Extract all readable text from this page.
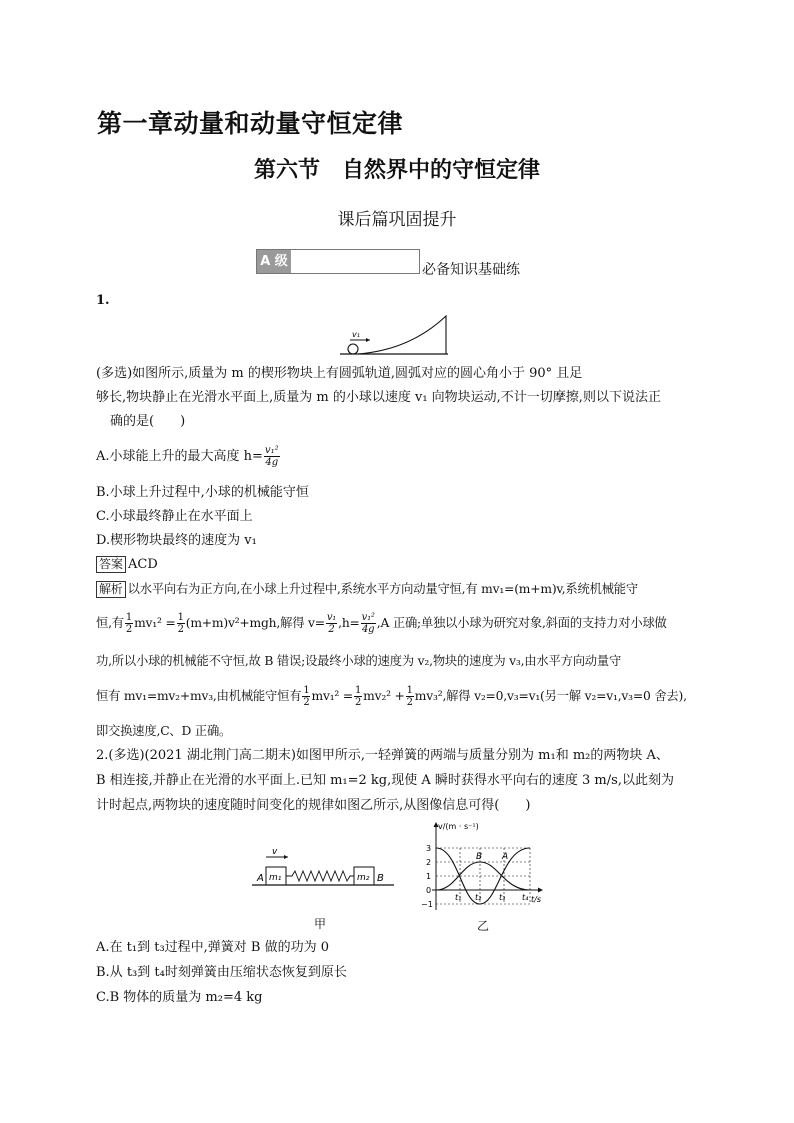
第一章动量和动量守恒定律
第六节　自然界中的守恒定律
课后篇巩固提升
A 级
必备知识基础练
1.
v₁
(多选)如图所示,质量为 m 的楔形物块上有圆弧轨道,圆弧对应的圆心角小于 90° 且足
够长,物块静止在光滑水平面上,质量为 m 的小球以速度 v₁ 向物块运动,不计一切摩擦,则以下说法正
确的是(　　)
A.小球能上升的最大高度 $h= \frac{\text{v₁²}}{4g}$
B.小球上升过程中,小球的机械能守恒
C.小球最终静止在水平面上
D.楔形物块最终的速度为 v₁
答案 ACD
解析 以水平向右为正方向,在小球上升过程中,系统水平方向动量守恒,有 mv₁=(m+m)v,系统机械能守
恒,有 $\frac{1}{2} mv_1^2 = \frac{1}{2} (m+m)v^2+mgh$,解得 $v= \frac{\text{v₁}}{2} ,h= \frac{\text{v₁²}}{4g} ,A$ 正确;单独以小球为研究对象,斜面的支持力对小球做
功,所以小球的机械能不守恒,故 B 错误;设最终小球的速度为 v₂,物块的速度为 v₃,由水平方向动量守
恒有 mv₁=mv₂+mv₃,由机械能守恒有 $\frac{1}{2} mv_1^2 = \frac{1}{2} mv_2^2 + \frac{1}{2} mv_3^2$,解得 v₂=0,v₃=v₁(另一解 v₂=v₁,v₃=0 舍去),
即交换速度,C、D 正确。
2.(多选)(2021 湖北荆门高二期末)如图甲所示,一轻弹簧的两端与质量分别为 m₁和 m₂的两物块 A、
B 相连接,并静止在光滑的水平面上.已知 m₁=2 kg,现使 A 瞬时获得水平向右的速度 3 m/s,以此刻为
计时起点,两物块的速度随时间变化的规律如图乙所示,从图像信息可得(　　)
v
A m₁	m₂ B
甲
v/(m · s⁻¹)
3
2
1
0
−1
t₁ t₂ t₃ t₄ t/s
B A
乙
A.在 t₁到 t₃过程中,弹簧对 B 做的功为 0
B.从 t₃到 t₄时刻弹簧由压缩状态恢复到原长
C.B 物体的质量为 m₂=4 kg
